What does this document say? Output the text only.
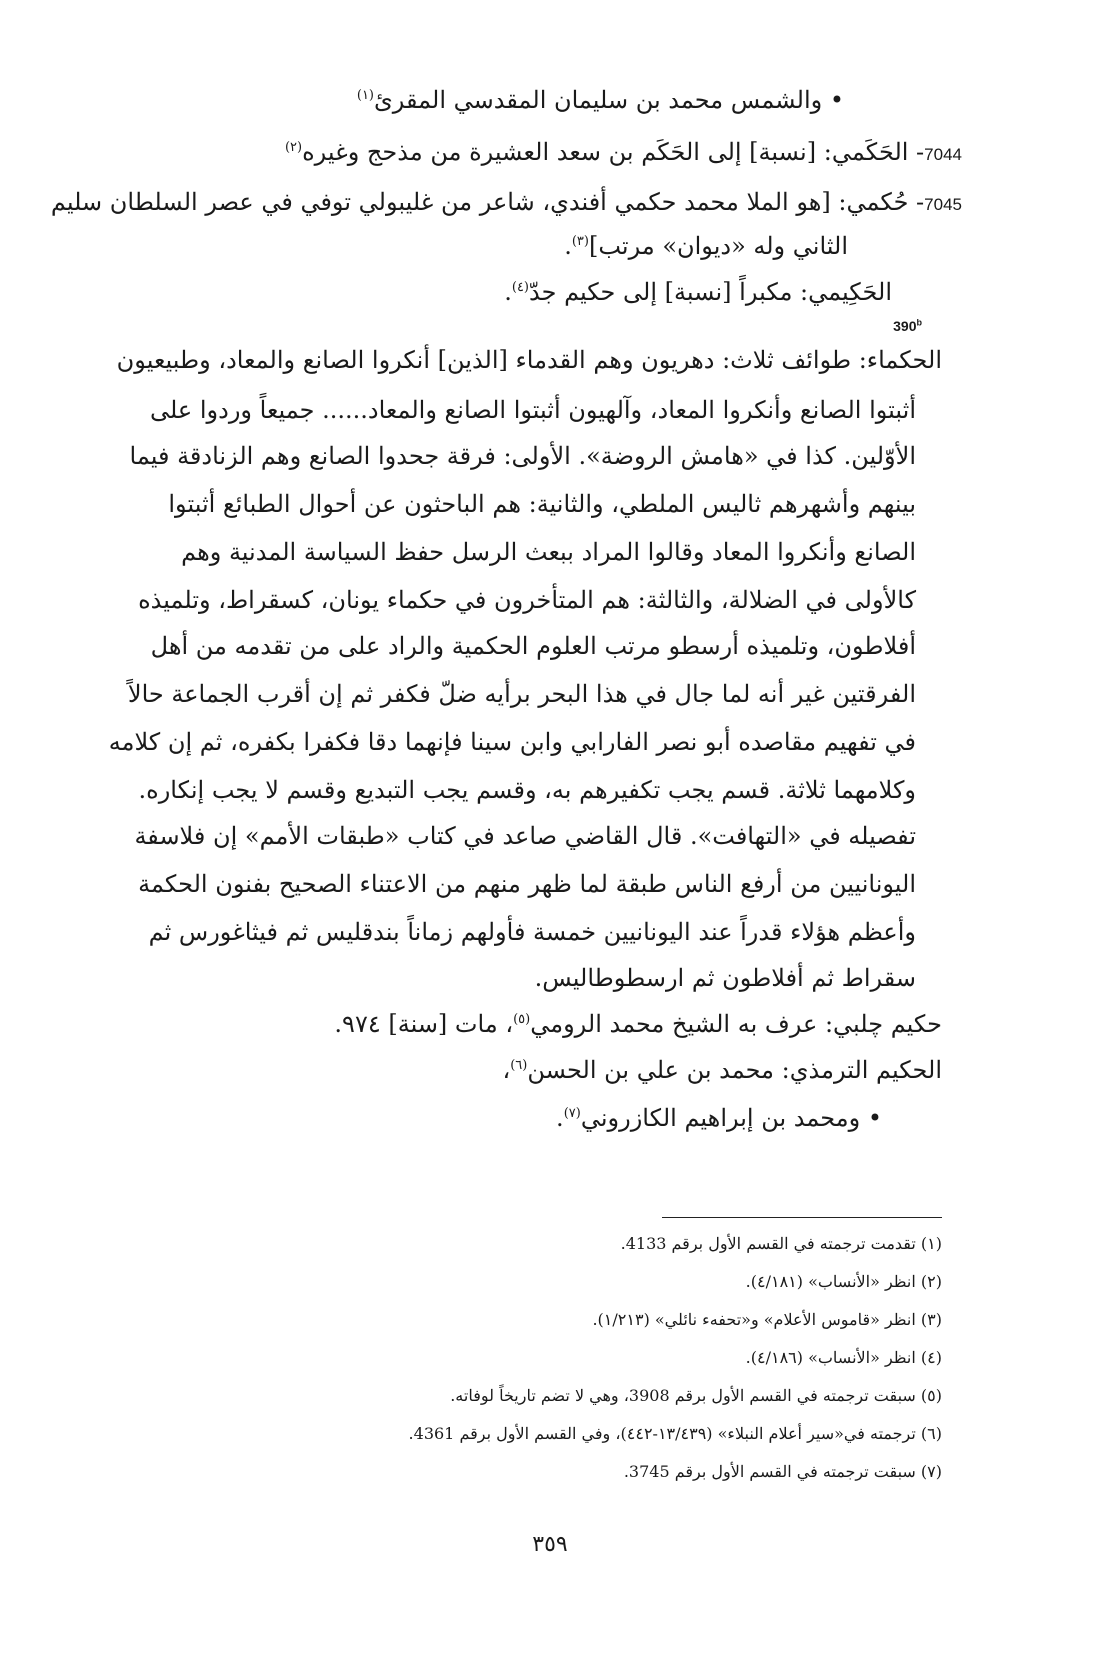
• والشمس محمد بن سليمان المقدسي المقرئ$^{(١)}$
7044- الحَكَمي: [نسبة] إلى الحَكَم بن سعد العشيرة من مذحج وغيره$^{(٢)}$
7045- حُكمي: [هو الملا محمد حكمي أفندي، شاعر من غليبولي توفي في عصر السلطان سليم
الثاني وله «ديوان» مرتب]$^{(٣)}$.
الحَكِيمي: مكبراً [نسبة] إلى حكيم جدّ$^{(٤)}$.
390$^b$
الحكماء: طوائف ثلاث: دهريون وهم القدماء [الذين] أنكروا الصانع والمعاد، وطبيعيون
أثبتوا الصانع وأنكروا المعاد، وآلهيون أثبتوا الصانع والمعاد...... جميعاً وردوا على
الأوّلين. كذا في «هامش الروضة». الأولى: فرقة جحدوا الصانع وهم الزنادقة فيما
بينهم وأشهرهم ثاليس الملطي، والثانية: هم الباحثون عن أحوال الطبائع أثبتوا
الصانع وأنكروا المعاد وقالوا المراد ببعث الرسل حفظ السياسة المدنية وهم
كالأولى في الضلالة، والثالثة: هم المتأخرون في حكماء يونان، كسقراط، وتلميذه
أفلاطون، وتلميذه أرسطو مرتب العلوم الحكمية والراد على من تقدمه من أهل
الفرقتين غير أنه لما جال في هذا البحر برأيه ضلّ فكفر ثم إن أقرب الجماعة حالاً
في تفهيم مقاصده أبو نصر الفارابي وابن سينا فإنهما دقا فكفرا بكفره، ثم إن كلامه
وكلامهما ثلاثة. قسم يجب تكفيرهم به، وقسم يجب التبديع وقسم لا يجب إنكاره.
تفصيله في «التهافت». قال القاضي صاعد في كتاب «طبقات الأمم» إن فلاسفة
اليونانيين من أرفع الناس طبقة لما ظهر منهم من الاعتناء الصحيح بفنون الحكمة
وأعظم هؤلاء قدراً عند اليونانيين خمسة فأولهم زماناً بندقليس ثم فيثاغورس ثم
سقراط ثم أفلاطون ثم ارسطوطاليس.
حكيم چلبي: عرف به الشيخ محمد الرومي$^{(٥)}$، مات [سنة] ٩٧٤.
الحكيم الترمذي: محمد بن علي بن الحسن$^{(٦)}$،
• ومحمد بن إبراهيم الكازروني$^{(٧)}$.
(١) تقدمت ترجمته في القسم الأول برقم 4133.
(٢) انظر «الأنساب» (٤/١٨١).
(٣) انظر «قاموس الأعلام» و«تحفهء نائلي» (١/٢١٣).
(٤) انظر «الأنساب» (٤/١٨٦).
(٥) سبقت ترجمته في القسم الأول برقم 3908، وهي لا تضم تاريخاً لوفاته.
(٦) ترجمته في«سير أعلام النبلاء» (١٣/٤٣٩-٤٤٢)، وفي القسم الأول برقم 4361.
(٧) سبقت ترجمته في القسم الأول برقم 3745.
٣٥٩
